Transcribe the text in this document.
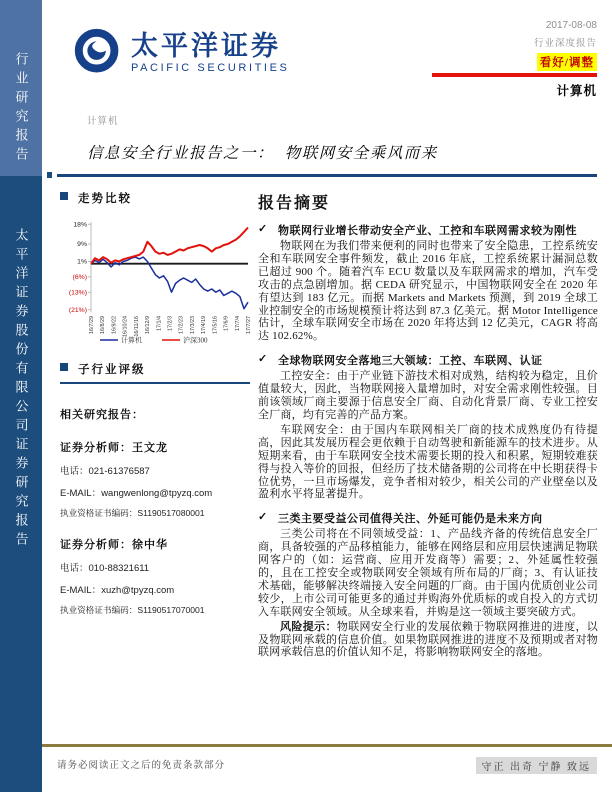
行业研究报告
太平洋证券股份有限公司证券研究报告
太平洋证券
PACIFIC SECURITIES
2017-08-08
行业深度报告
看好/调整
计算机
计算机
信息安全行业报告之一：  物联网安全乘风而来
走势比较
18%
9%
1%
(6%)
(13%)
(21%)
16/7/29 16/8/29 16/9/22 16/10/24 16/11/16 16/12/9 17/1/4 17/2/3 17/2/23 17/3/23 17/4/19 17/5/16 17/6/9 17/7/4 17/7/27
计算机	沪深300
子行业评级
相关研究报告：
证券分析师：王文龙
电话：021-61376587
E-MAIL：wangwenlong@tpyzq.com
执业资格证书编码：S1190517080001
证券分析师：徐中华
电话：010-88321611
E-MAIL：xuzh@tpyzq.com
执业资格证书编码：S1190517070001
报告摘要
✓ 物联网行业增长带动安全产业、工控和车联网需求较为刚性

物联网在为我们带来便利的同时也带来了安全隐患，工控系统安全和车联网安全事件频发，截止 2016 年底，工控系统累计漏洞总数已超过 900 个。随着汽车 ECU 数量以及车联网需求的增加，汽车受攻击的点急剧增加。据 CEDA 研究显示，中国物联网安全在 2020 年有望达到 183 亿元。而据 Markets and Markets 预测，到 2019 全球工业控制安全的市场规模预计将达到 87.3 亿美元。据 Motor Intelligence 估计，全球车联网安全市场在 2020 年将达到 12 亿美元，CAGR 将高达 102.62%。

✓ 全球物联网安全落地三大领域：工控、车联网、认证

工控安全：由于产业链下游技术相对成熟，结构较为稳定，且价值量较大，因此，当物联网接入量增加时，对安全需求刚性较强。目前该领域厂商主要源于信息安全厂商、自动化背景厂商、专业工控安全厂商，均有完善的产品方案。

车联网安全：由于国内车联网相关厂商的技术成熟度仍有待提高，因此其发展历程会更依赖于自动驾驶和新能源车的技术进步。从短期来看，由于车联网安全技术需要长期的投入和积累，短期较难获得与投入等价的回报，但经历了技术储备期的公司将在中长期获得卡位优势，一旦市场爆发，竞争者相对较少，相关公司的产业壁垒以及盈利水平将显著提升。

✓ 三类主要受益公司值得关注、外延可能仍是未来方向

三类公司将在不同领域受益：1、产品线齐备的传统信息安全厂商，具备较强的产品移植能力，能够在网络层和应用层快速满足物联网客户的（如：运营商、应用开发商等）需要；2、外延属性较强的，且在工控安全或物联网安全领域有所布局的厂商；3、有认证技术基础，能够解决终端接入安全问题的厂商。由于国内优质创业公司较少，上市公司可能更多的通过并购海外优质标的或自投入的方式切入车联网安全领域。从全球来看，并购是这一领域主要突破方式。

风险提示：物联网安全行业的发展依赖于物联网推进的进度，以及物联网承载的信息价值。如果物联网推进的进度不及预期或者对物联网承载信息的价值认知不足，将影响物联网安全的落地。

请务必阅读正文之后的免责条款部分	守正 出奇 宁静 致远
